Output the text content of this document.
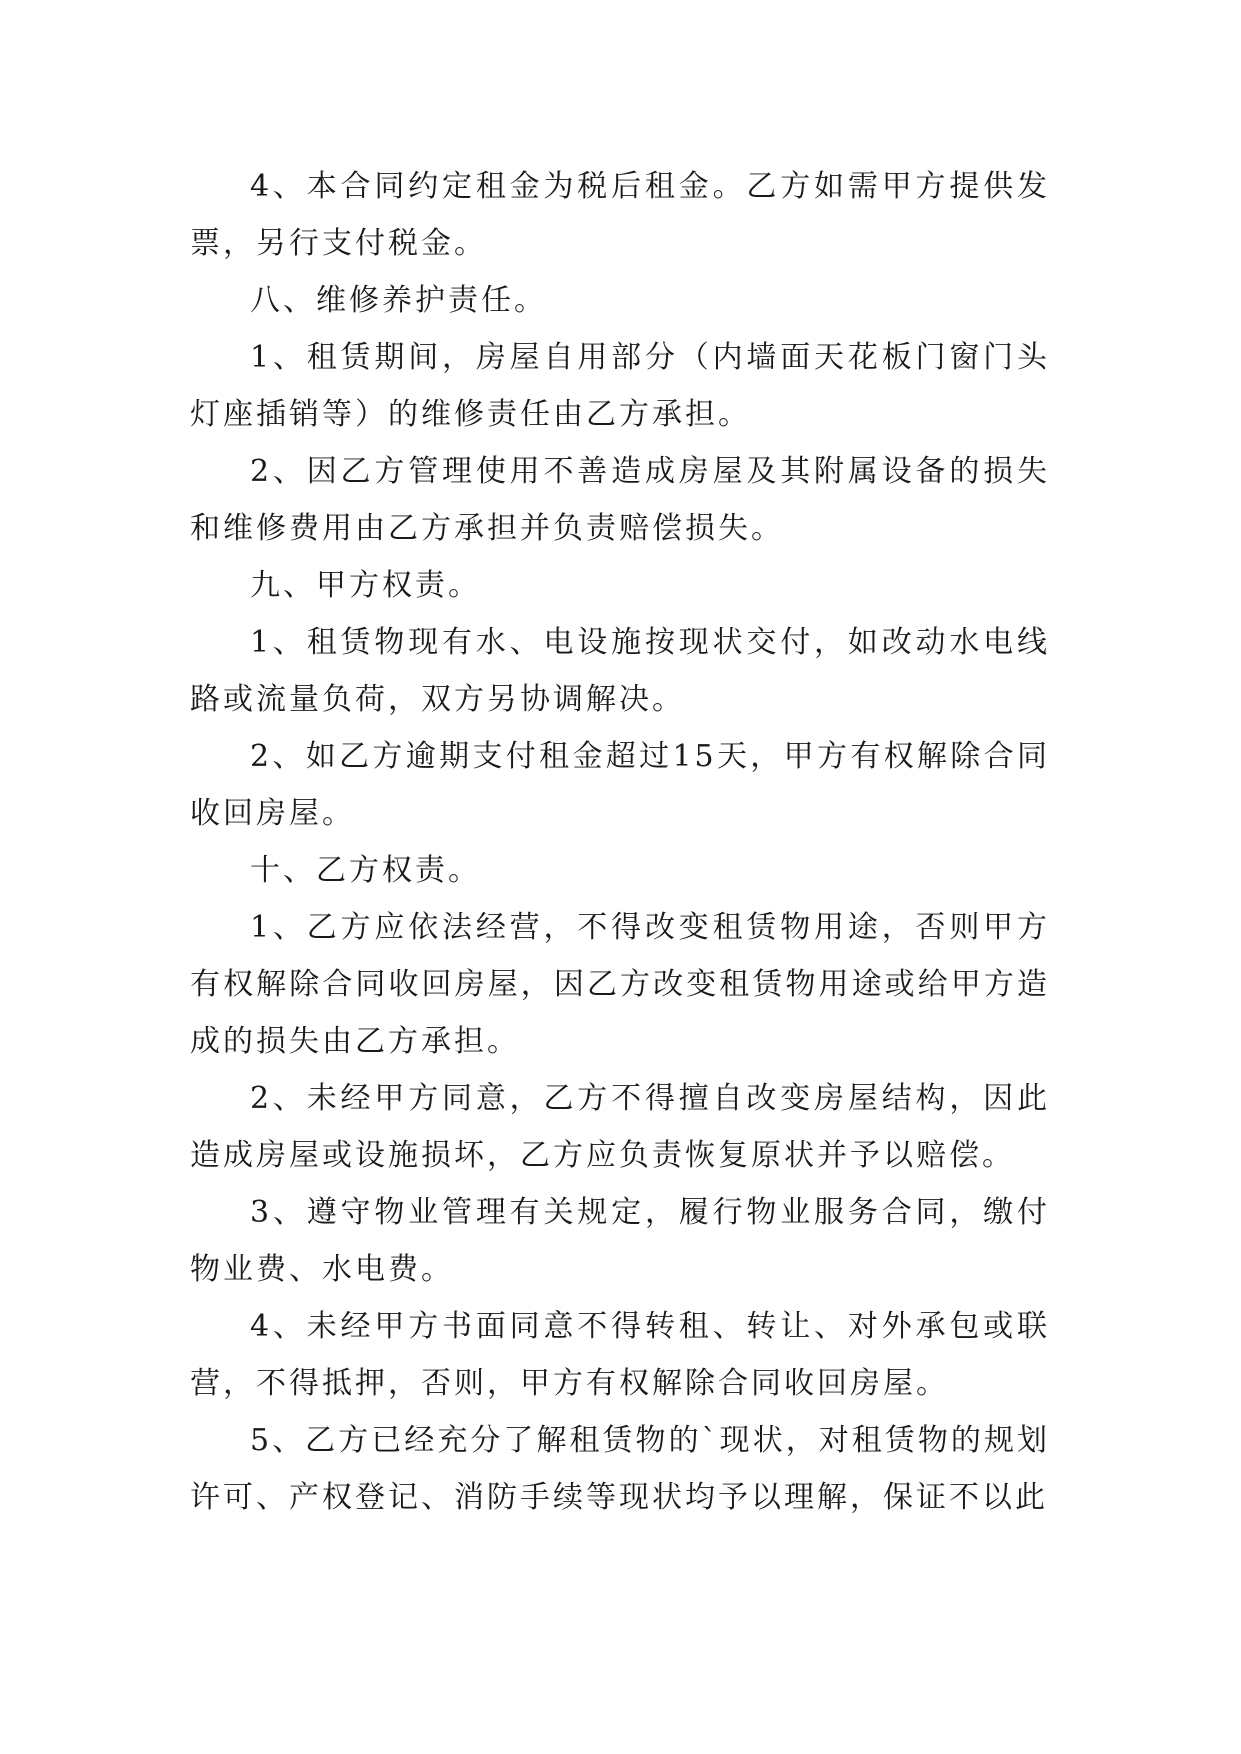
4、本合同约定租金为税后租金。乙方如需甲方提供发票，另行支付税金。

八、维修养护责任。

1、租赁期间，房屋自用部分（内墙面天花板门窗门头灯座插销等）的维修责任由乙方承担。

2、因乙方管理使用不善造成房屋及其附属设备的损失和维修费用由乙方承担并负责赔偿损失。

九、甲方权责。

1、租赁物现有水、电设施按现状交付，如改动水电线路或流量负荷，双方另协调解决。

2、如乙方逾期支付租金超过15天，甲方有权解除合同收回房屋。

十、乙方权责。

1、乙方应依法经营，不得改变租赁物用途，否则甲方有权解除合同收回房屋，因乙方改变租赁物用途或给甲方造成的损失由乙方承担。

2、未经甲方同意，乙方不得擅自改变房屋结构，因此造成房屋或设施损坏，乙方应负责恢复原状并予以赔偿。

3、遵守物业管理有关规定，履行物业服务合同，缴付物业费、水电费。

4、未经甲方书面同意不得转租、转让、对外承包或联营，不得抵押，否则，甲方有权解除合同收回房屋。

5、乙方已经充分了解租赁物的`现状，对租赁物的规划许可、产权登记、消防手续等现状均予以理解，保证不以此
